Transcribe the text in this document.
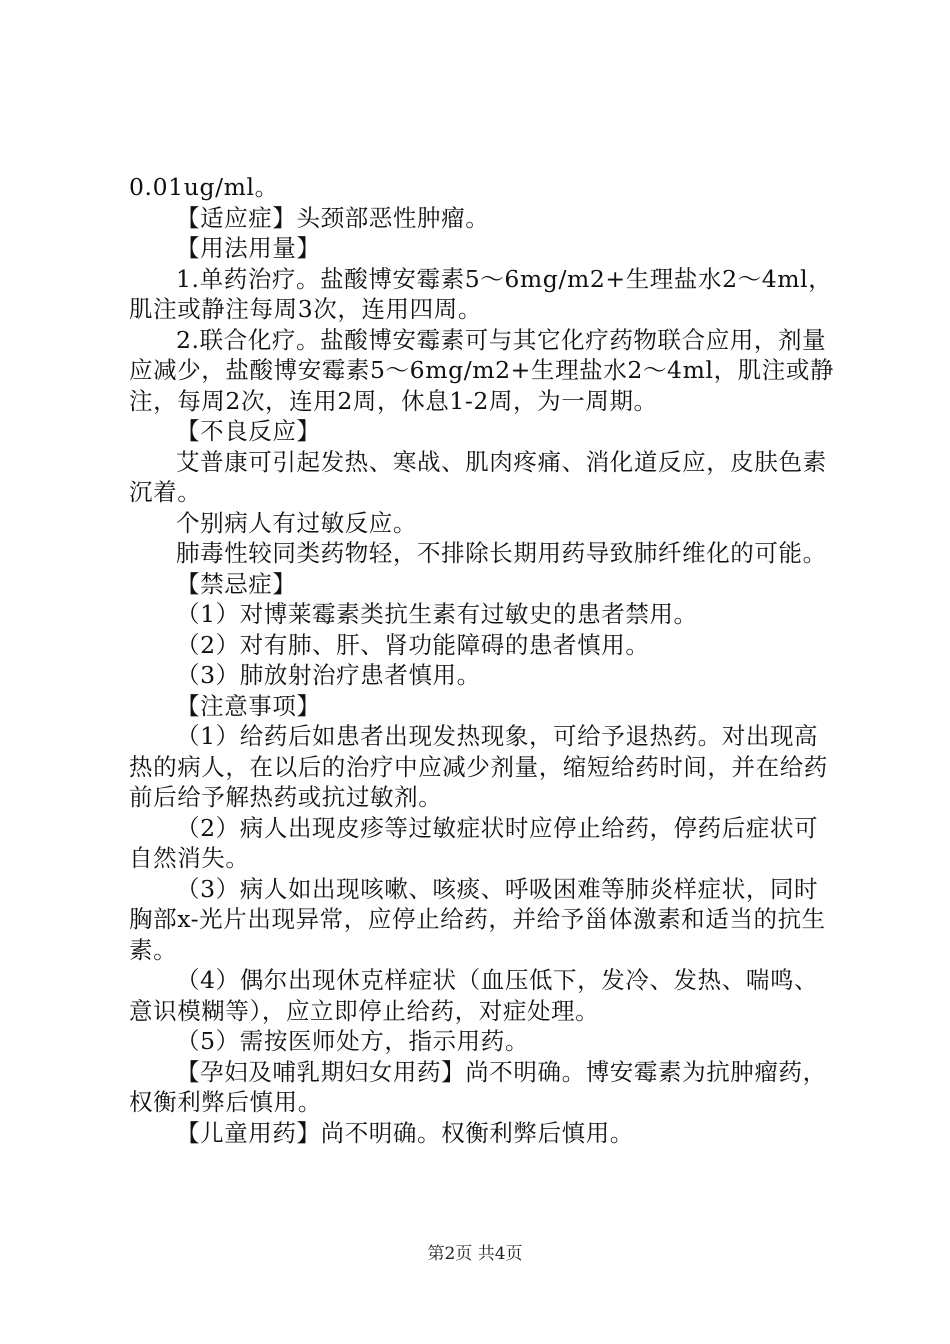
0.01ug/ml。

【适应症】头颈部恶性肿瘤。

【用法用量】

1.单药治疗。盐酸博安霉素5～6mg/m2+生理盐水2～4ml，肌注或静注每周3次，连用四周。

2.联合化疗。盐酸博安霉素可与其它化疗药物联合应用，剂量应减少，盐酸博安霉素5～6mg/m2+生理盐水2～4ml，肌注或静注，每周2次，连用2周，休息1-2周，为一周期。

【不良反应】

艾普康可引起发热、寒战、肌肉疼痛、消化道反应，皮肤色素沉着。

个别病人有过敏反应。

肺毒性较同类药物轻，不排除长期用药导致肺纤维化的可能。

【禁忌症】

（1）对博莱霉素类抗生素有过敏史的患者禁用。

（2）对有肺、肝、肾功能障碍的患者慎用。

（3）肺放射治疗患者慎用。

【注意事项】

（1）给药后如患者出现发热现象，可给予退热药。对出现高热的病人，在以后的治疗中应减少剂量，缩短给药时间，并在给药前后给予解热药或抗过敏剂。

（2）病人出现皮疹等过敏症状时应停止给药，停药后症状可自然消失。

（3）病人如出现咳嗽、咳痰、呼吸困难等肺炎样症状，同时胸部x-光片出现异常，应停止给药，并给予甾体激素和适当的抗生素。

（4）偶尔出现休克样症状（血压低下，发冷、发热、喘鸣、意识模糊等），应立即停止给药，对症处理。

（5）需按医师处方，指示用药。

【孕妇及哺乳期妇女用药】尚不明确。博安霉素为抗肿瘤药，权衡利弊后慎用。

【儿童用药】尚不明确。权衡利弊后慎用。

第2页 共4页
